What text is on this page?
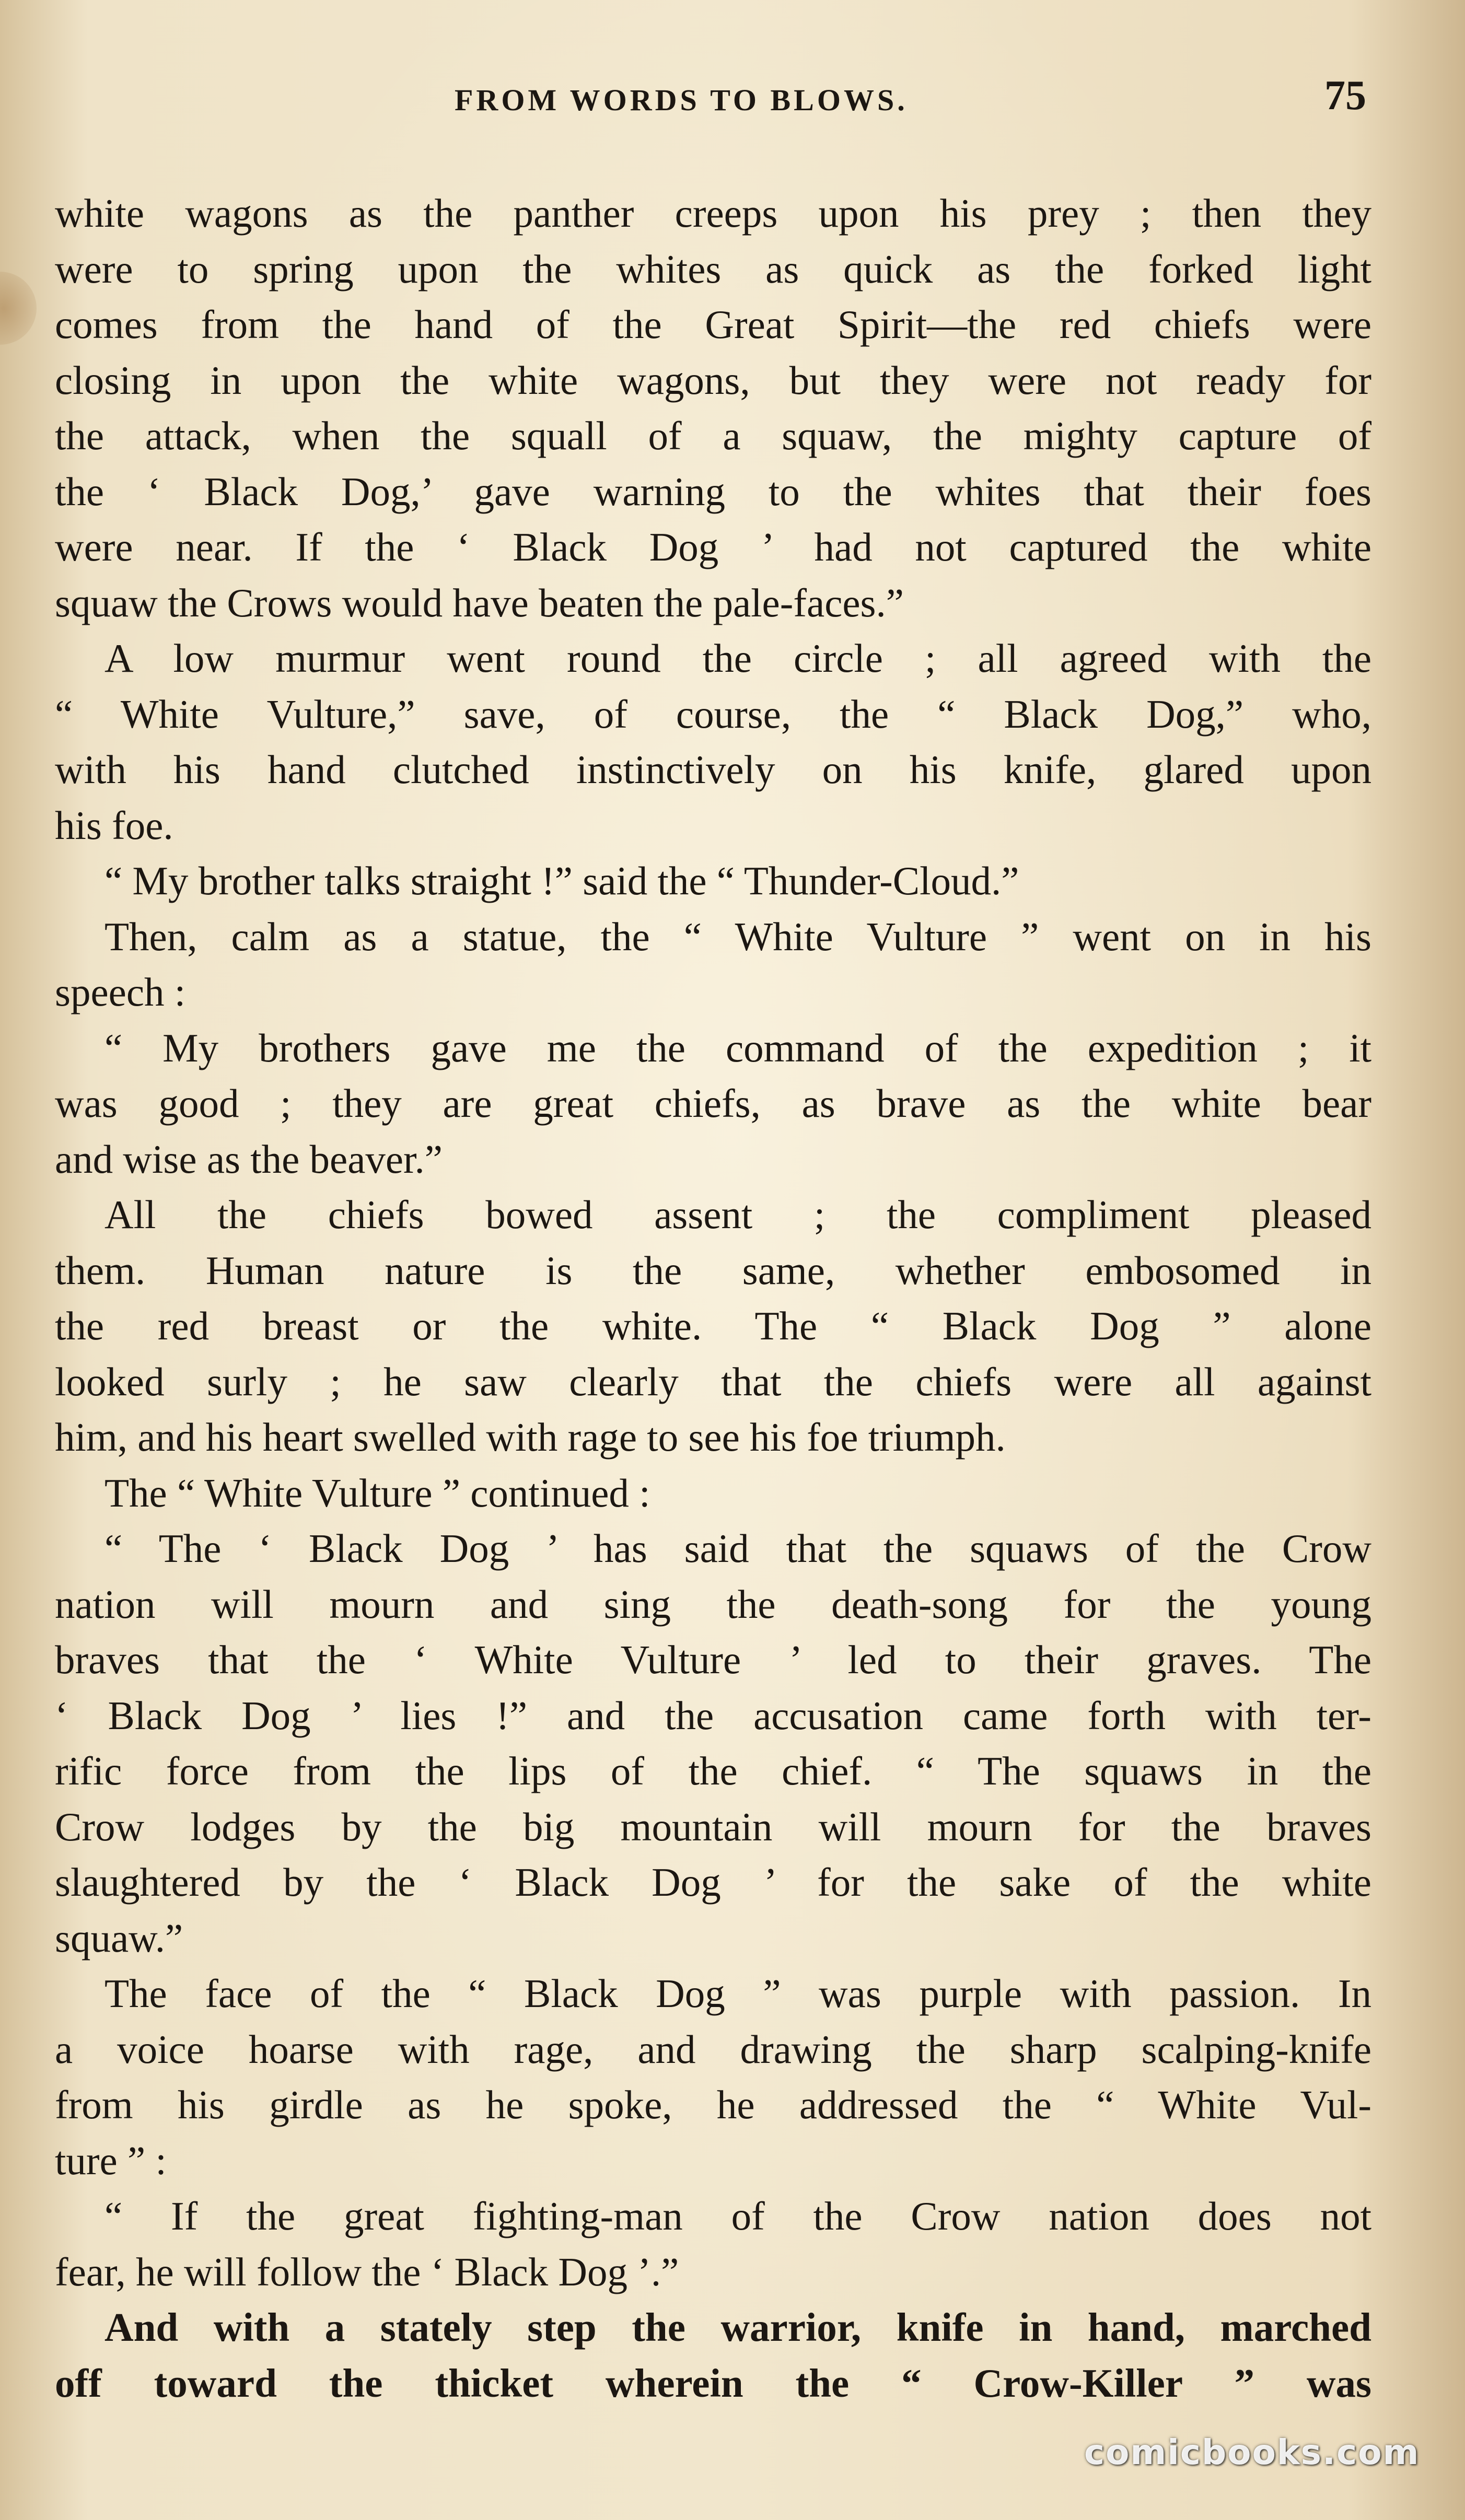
FROM WORDS TO BLOWS.	75
white wagons as the panther creeps upon his prey ; then they
were to spring upon the whites as quick as the forked light
comes from the hand of the Great Spirit—the red chiefs were
closing in upon the white wagons, but they were not ready for
the attack, when the squall of a squaw, the mighty capture of
the ‘ Black Dog,’ gave warning to the whites that their foes
were near. If the ‘ Black Dog ’ had not captured the white
squaw the Crows would have beaten the pale-faces.”
A low murmur went round the circle ; all agreed with the
“ White Vulture,” save, of course, the “ Black Dog,” who,
with his hand clutched instinctively on his knife, glared upon
his foe.
“ My brother talks straight !” said the “ Thunder-Cloud.”
Then, calm as a statue, the “ White Vulture ” went on in his
speech :
“ My brothers gave me the command of the expedition ; it
was good ; they are great chiefs, as brave as the white bear
and wise as the beaver.”
All the chiefs bowed assent ; the compliment pleased
them. Human nature is the same, whether embosomed in
the red breast or the white. The “ Black Dog ” alone
looked surly ; he saw clearly that the chiefs were all against
him, and his heart swelled with rage to see his foe triumph.
The “ White Vulture ” continued :
“ The ‘ Black Dog ’ has said that the squaws of the Crow
nation will mourn and sing the death-song for the young
braves that the ‘ White Vulture ’ led to their graves. The
‘ Black Dog ’ lies !” and the accusation came forth with ter-
rific force from the lips of the chief. “ The squaws in the
Crow lodges by the big mountain will mourn for the braves
slaughtered by the ‘ Black Dog ’ for the sake of the white
squaw.”
The face of the “ Black Dog ” was purple with passion. In
a voice hoarse with rage, and drawing the sharp scalping-knife
from his girdle as he spoke, he addressed the “ White Vul-
ture ” :
“ If the great fighting-man of the Crow nation does not
fear, he will follow the ‘ Black Dog ’.”
And with a stately step the warrior, knife in hand, marched
off toward the thicket wherein the “ Crow-Killer ” was
comicbooks.com
